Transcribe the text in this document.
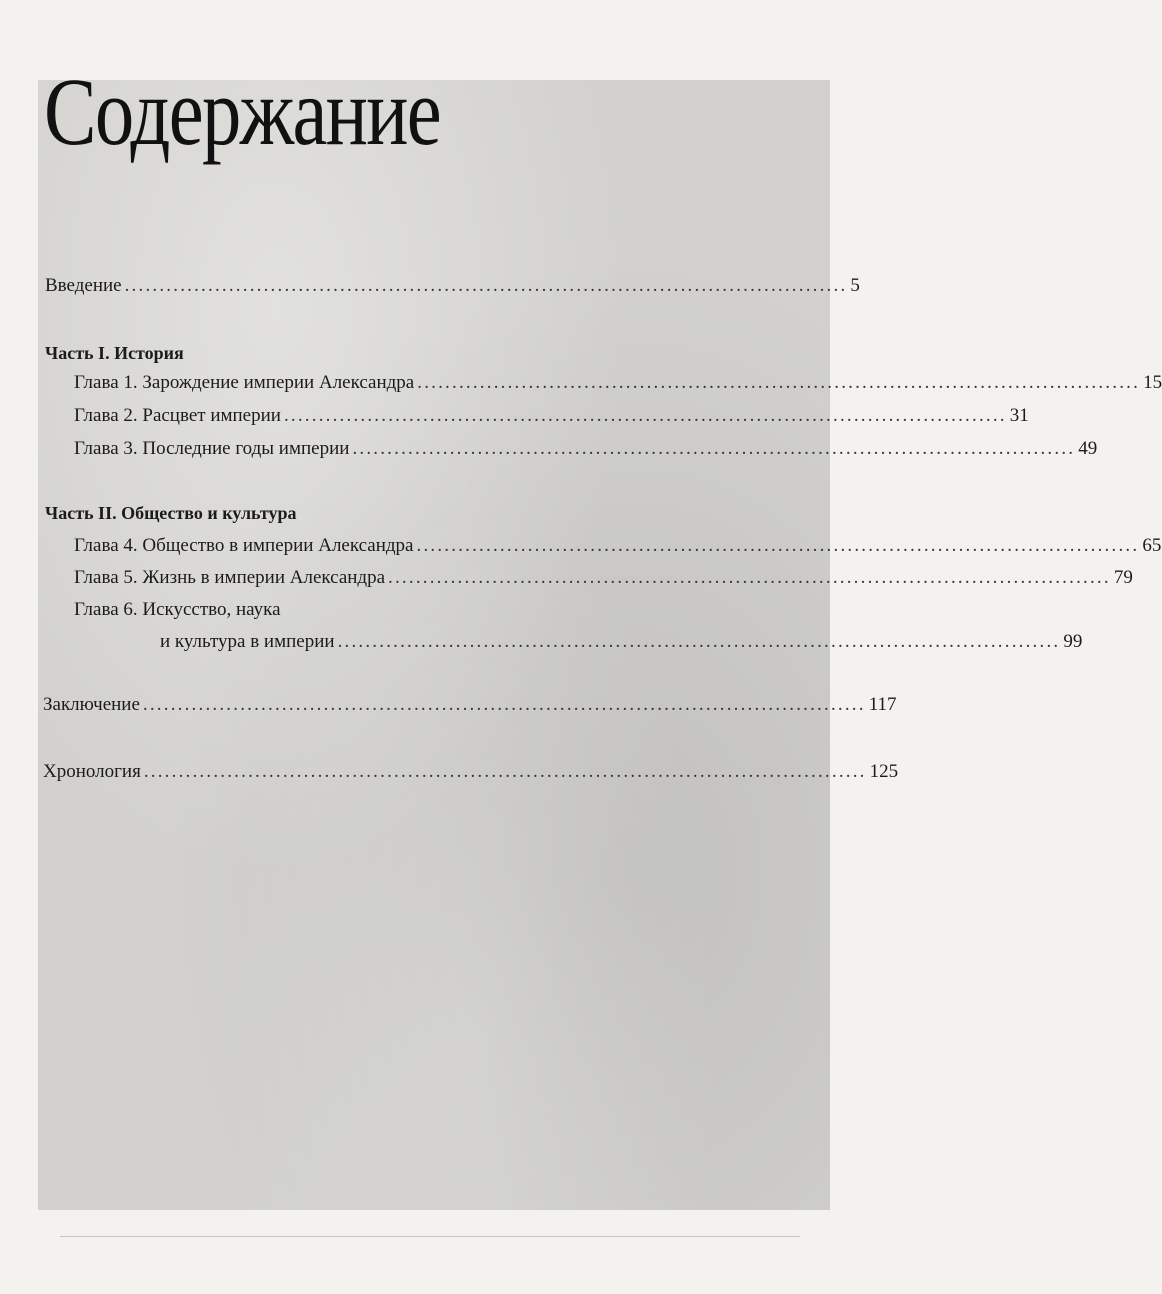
Содержание
Введение ........................................................................................................ 5
Часть I. История
Глава 1. Зарождение империи Александра ........................................................................................................ 15
Глава 2. Расцвет империи ........................................................................................................ 31
Глава 3. Последние годы империи ........................................................................................................ 49
Часть II. Общество и культура
Глава 4. Общество в империи Александра ........................................................................................................ 65
Глава 5. Жизнь в империи Александра ........................................................................................................ 79
Глава 6. Искусство, наука
и культура в империи ........................................................................................................ 99
Заключение ........................................................................................................ 117
Хронология ........................................................................................................ 125
